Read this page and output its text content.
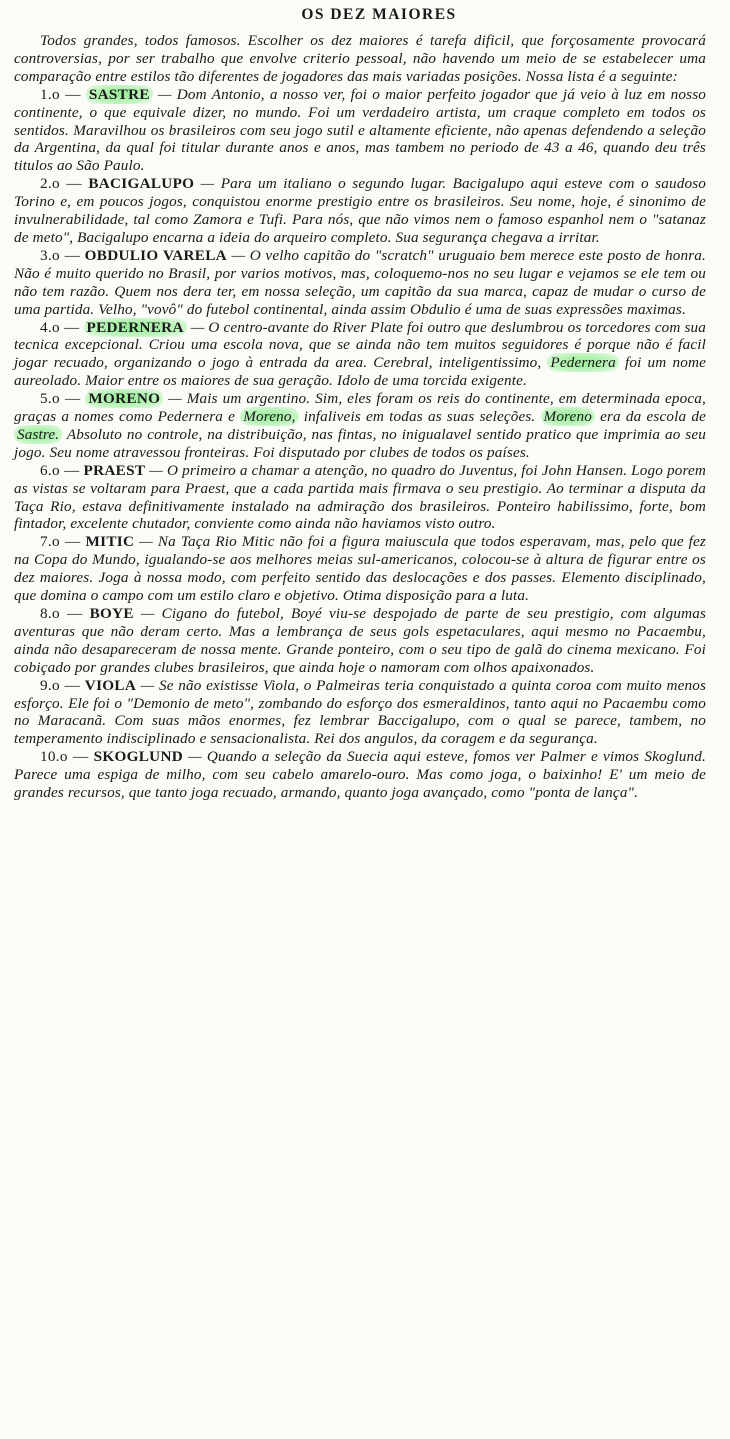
OS DEZ MAIORES

Todos grandes, todos famosos. Escolher os dez maiores é tarefa dificil, que forçosamente provocará controversias, por ser trabalho que envolve criterio pessoal, não havendo um meio de se estabelecer uma comparação entre estilos tão diferentes de jogadores das mais variadas posições. Nossa lista é a seguinte:

1.o — SASTRE — Dom Antonio, a nosso ver, foi o maior perfeito jogador que já veio à luz em nosso continente, o que equivale dizer, no mundo. Foi um verdadeiro artista, um craque completo em todos os sentidos. Maravilhou os brasileiros com seu jogo sutil e altamente eficiente, não apenas defendendo a seleção da Argentina, da qual foi titular durante anos e anos, mas tambem no periodo de 43 a 46, quando deu três titulos ao São Paulo.

2.o — BACIGALUPO — Para um italiano o segundo lugar. Bacigalupo aqui esteve com o saudoso Torino e, em poucos jogos, conquistou enorme prestigio entre os brasileiros. Seu nome, hoje, é sinonimo de invulnerabilidade, tal como Zamora e Tufi. Para nós, que não vimos nem o famoso espanhol nem o "satanaz de meto", Bacigalupo encarna a ideia do arqueiro completo. Sua segurança chegava a irritar.

3.o — OBDULIO VARELA — O velho capitão do "scratch" uruguaio bem merece este posto de honra. Não é muito querido no Brasil, por varios motivos, mas, coloquemo-nos no seu lugar e vejamos se ele tem ou não tem razão. Quem nos dera ter, em nossa seleção, um capitão da sua marca, capaz de mudar o curso de uma partida. Velho, "vovô" do futebol continental, ainda assim Obdulio é uma de suas expressões maximas.

4.o — PEDERNERA — O centro-avante do River Plate foi outro que deslumbrou os torcedores com sua tecnica excepcional. Criou uma escola nova, que se ainda não tem muitos seguidores é porque não é facil jogar recuado, organizando o jogo à entrada da area. Cerebral, inteligentissimo, Pedernera foi um nome aureolado. Maior entre os maiores de sua geração. Idolo de uma torcida exigente.

5.o — MORENO — Mais um argentino. Sim, eles foram os reis do continente, em determinada epoca, graças a nomes como Pedernera e Moreno, infaliveis em todas as suas seleções. Moreno era da escola de Sastre. Absoluto no controle, na distribuição, nas fintas, no inigualavel sentido pratico que imprimia ao seu jogo. Seu nome atravessou fronteiras. Foi disputado por clubes de todos os países.

6.o — PRAEST — O primeiro a chamar a atenção, no quadro do Juventus, foi John Hansen. Logo porem as vistas se voltaram para Praest, que a cada partida mais firmava o seu prestigio. Ao terminar a disputa da Taça Rio, estava definitivamente instalado na admiração dos brasileiros. Ponteiro habilissimo, forte, bom fintador, excelente chutador, conviente como ainda não haviamos visto outro.

7.o — MITIC — Na Taça Rio Mitic não foi a figura maiuscula que todos esperavam, mas, pelo que fez na Copa do Mundo, igualando-se aos melhores meias sul-americanos, colocou-se à altura de figurar entre os dez maiores. Joga à nossa modo, com perfeito sentido das deslocações e dos passes. Elemento disciplinado, que domina o campo com um estilo claro e objetivo. Otima disposição para a luta.

8.o — BOYE — Cigano do futebol, Boyé viu-se despojado de parte de seu prestigio, com algumas aventuras que não deram certo. Mas a lembrança de seus gols espetaculares, aqui mesmo no Pacaembu, ainda não desapareceram de nossa mente. Grande ponteiro, com o seu tipo de galã do cinema mexicano. Foi cobiçado por grandes clubes brasileiros, que ainda hoje o namoram com olhos apaixonados.

9.o — VIOLA — Se não existisse Viola, o Palmeiras teria conquistado a quinta coroa com muito menos esforço. Ele foi o "Demonio de meto", zombando do esforço dos esmeraldinos, tanto aqui no Pacaembu como no Maracanã. Com suas mãos enormes, fez lembrar Baccigalupo, com o qual se parece, tambem, no temperamento indisciplinado e sensacionalista. Rei dos angulos, da coragem e da segurança.

10.o — SKOGLUND — Quando a seleção da Suecia aqui esteve, fomos ver Palmer e vimos Skoglund. Parece uma espiga de milho, com seu cabelo amarelo-ouro. Mas como joga, o baixinho! E' um meio de grandes recursos, que tanto joga recuado, armando, quanto joga avançado, como "ponta de lança".
